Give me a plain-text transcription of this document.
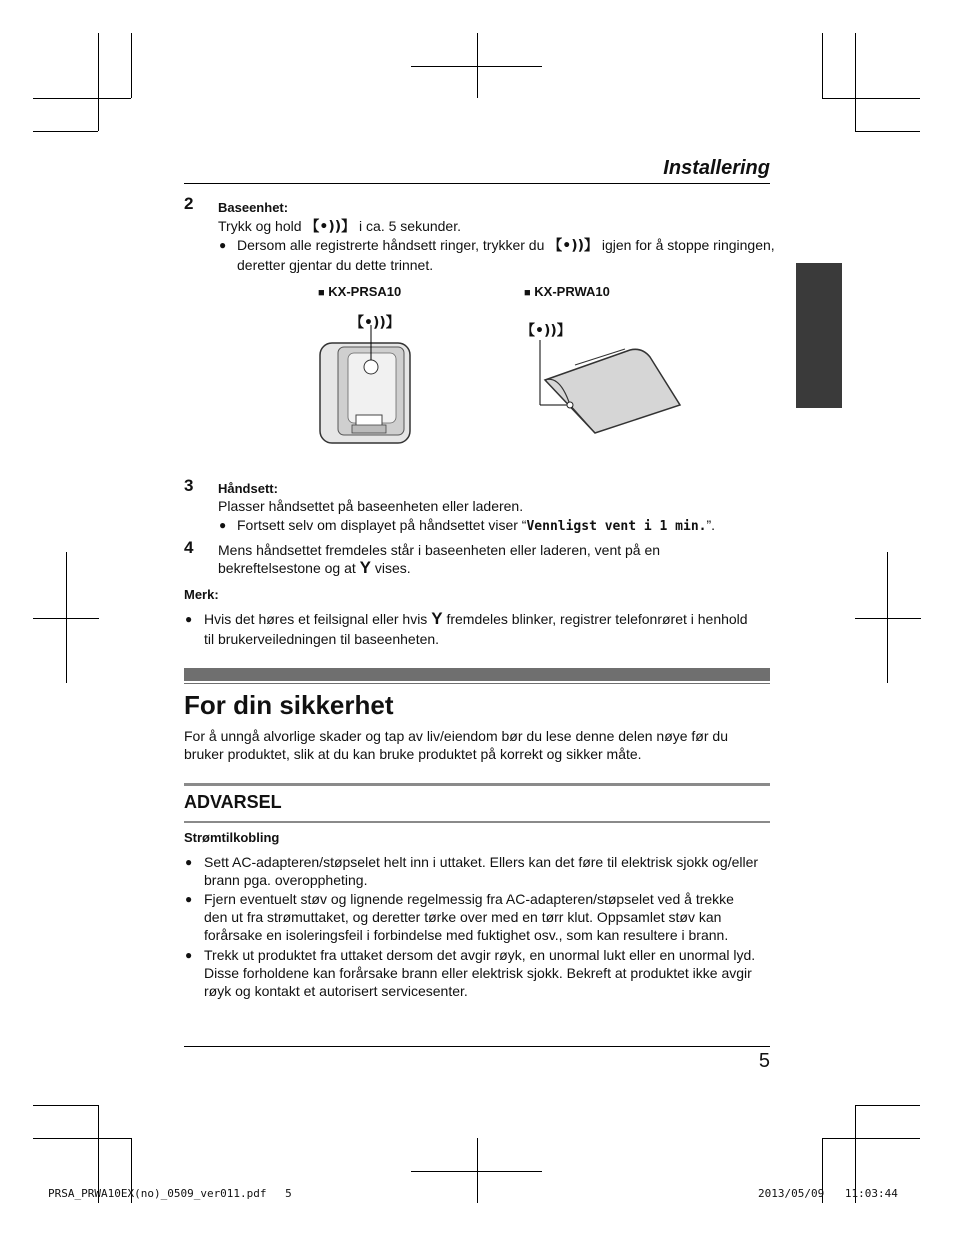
Installering
2 Baseenhet:
Trykk og hold 【•))】 i ca. 5 sekunder.
● Dersom alle registrerte håndsett ringer, trykker du 【•))】 igjen for å stoppe ringingen,
deretter gjentar du dette trinnet.
■ KX-PRSA10	■ KX-PRWA10
【•))】	【•))】
3 Håndsett:
Plasser håndsettet på baseenheten eller laderen.
● Fortsett selv om displayet på håndsettet viser “Vennligst vent i 1 min.”.
4 Mens håndsettet fremdeles står i baseenheten eller laderen, vent på en
bekreftelsestone og at Y vises.
Merk:
● Hvis det høres et feilsignal eller hvis Y fremdeles blinker, registrer telefonrøret i henhold
til brukerveiledningen til baseenheten.
For din sikkerhet
For å unngå alvorlige skader og tap av liv/eiendom bør du lese denne delen nøye før du
bruker produktet, slik at du kan bruke produktet på korrekt og sikker måte.
ADVARSEL
Strømtilkobling
● Sett AC-adapteren/støpselet helt inn i uttaket. Ellers kan det føre til elektrisk sjokk og/eller
brann pga. overoppheting.
● Fjern eventuelt støv og lignende regelmessig fra AC-adapteren/støpselet ved å trekke
den ut fra strømuttaket, og deretter tørke over med en tørr klut. Oppsamlet støv kan
forårsake en isoleringsfeil i forbindelse med fuktighet osv., som kan resultere i brann.
● Trekk ut produktet fra uttaket dersom det avgir røyk, en unormal lukt eller en unormal lyd.
Disse forholdene kan forårsake brann eller elektrisk sjokk. Bekreft at produktet ikke avgir
røyk og kontakt et autorisert servicesenter.
5
PRSA_PRWA10EX(no)_0509_ver011.pdf 5	2013/05/09 11:03:44
